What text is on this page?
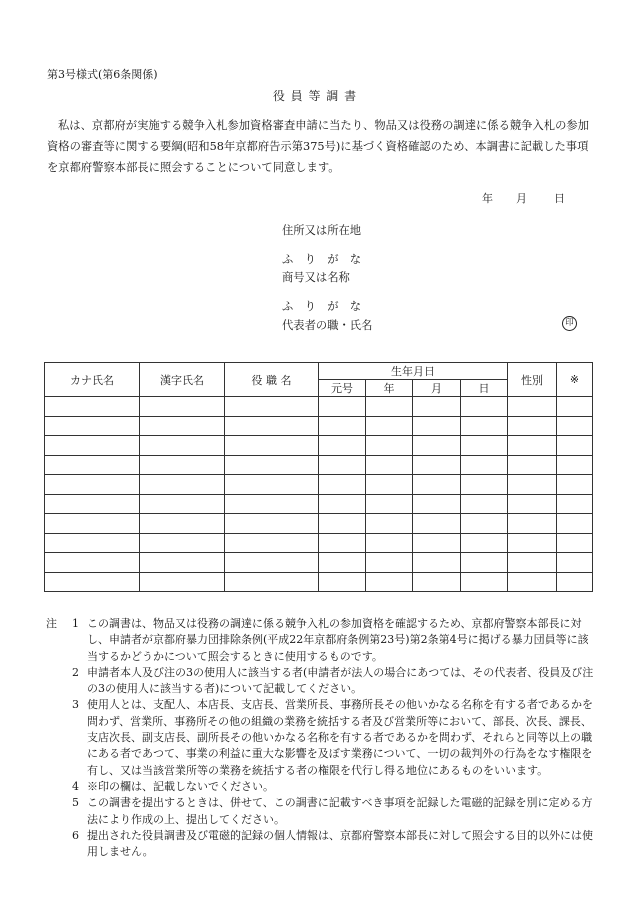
第3号様式(第6条関係)
役 員 等 調 書
私は、京都府が実施する競争入札参加資格審査申請に当たり、物品又は役務の調達に係る競争入札の参加資格の審査等に関する要綱(昭和58年京都府告示第375号)に基づく資格確認のため、本調書に記載した事項を京都府警察本部長に照会することについて同意します。
年 月 日
住所又は所在地
ふ　り　が　な
商号又は名称
ふ　り　が　な
代表者の職・氏名	印
カナ氏名	漢字氏名	役 職 名	生年月日				性別	※
			元号	年	月	日		

注 1 この調書は、物品又は役務の調達に係る競争入札の参加資格を確認するため、京都府警察本部長に対し、申請者が京都府暴力団排除条例(平成22年京都府条例第23号)第2条第4号に掲げる暴力団員等に該当するかどうかについて照会するときに使用するものです。
2 申請者本人及び注の3の使用人に該当する者(申請者が法人の場合にあつては、その代表者、役員及び注の3の使用人に該当する者)について記載してください。
3 使用人とは、支配人、本店長、支店長、営業所長、事務所長その他いかなる名称を有する者であるかを問わず、営業所、事務所その他の組織の業務を統括する者及び営業所等において、部長、次長、課長、支店次長、副支店長、副所長その他いかなる名称を有する者であるかを問わず、それらと同等以上の職にある者であつて、事業の利益に重大な影響を及ぼす業務について、一切の裁判外の行為をなす権限を有し、又は当該営業所等の業務を統括する者の権限を代行し得る地位にあるものをいいます。
4 ※印の欄は、記載しないでください。
5 この調書を提出するときは、併せて、この調書に記載すべき事項を記録した電磁的記録を別に定める方法により作成の上、提出してください。
6 提出された役員調書及び電磁的記録の個人情報は、京都府警察本部長に対して照会する目的以外には使用しません。
